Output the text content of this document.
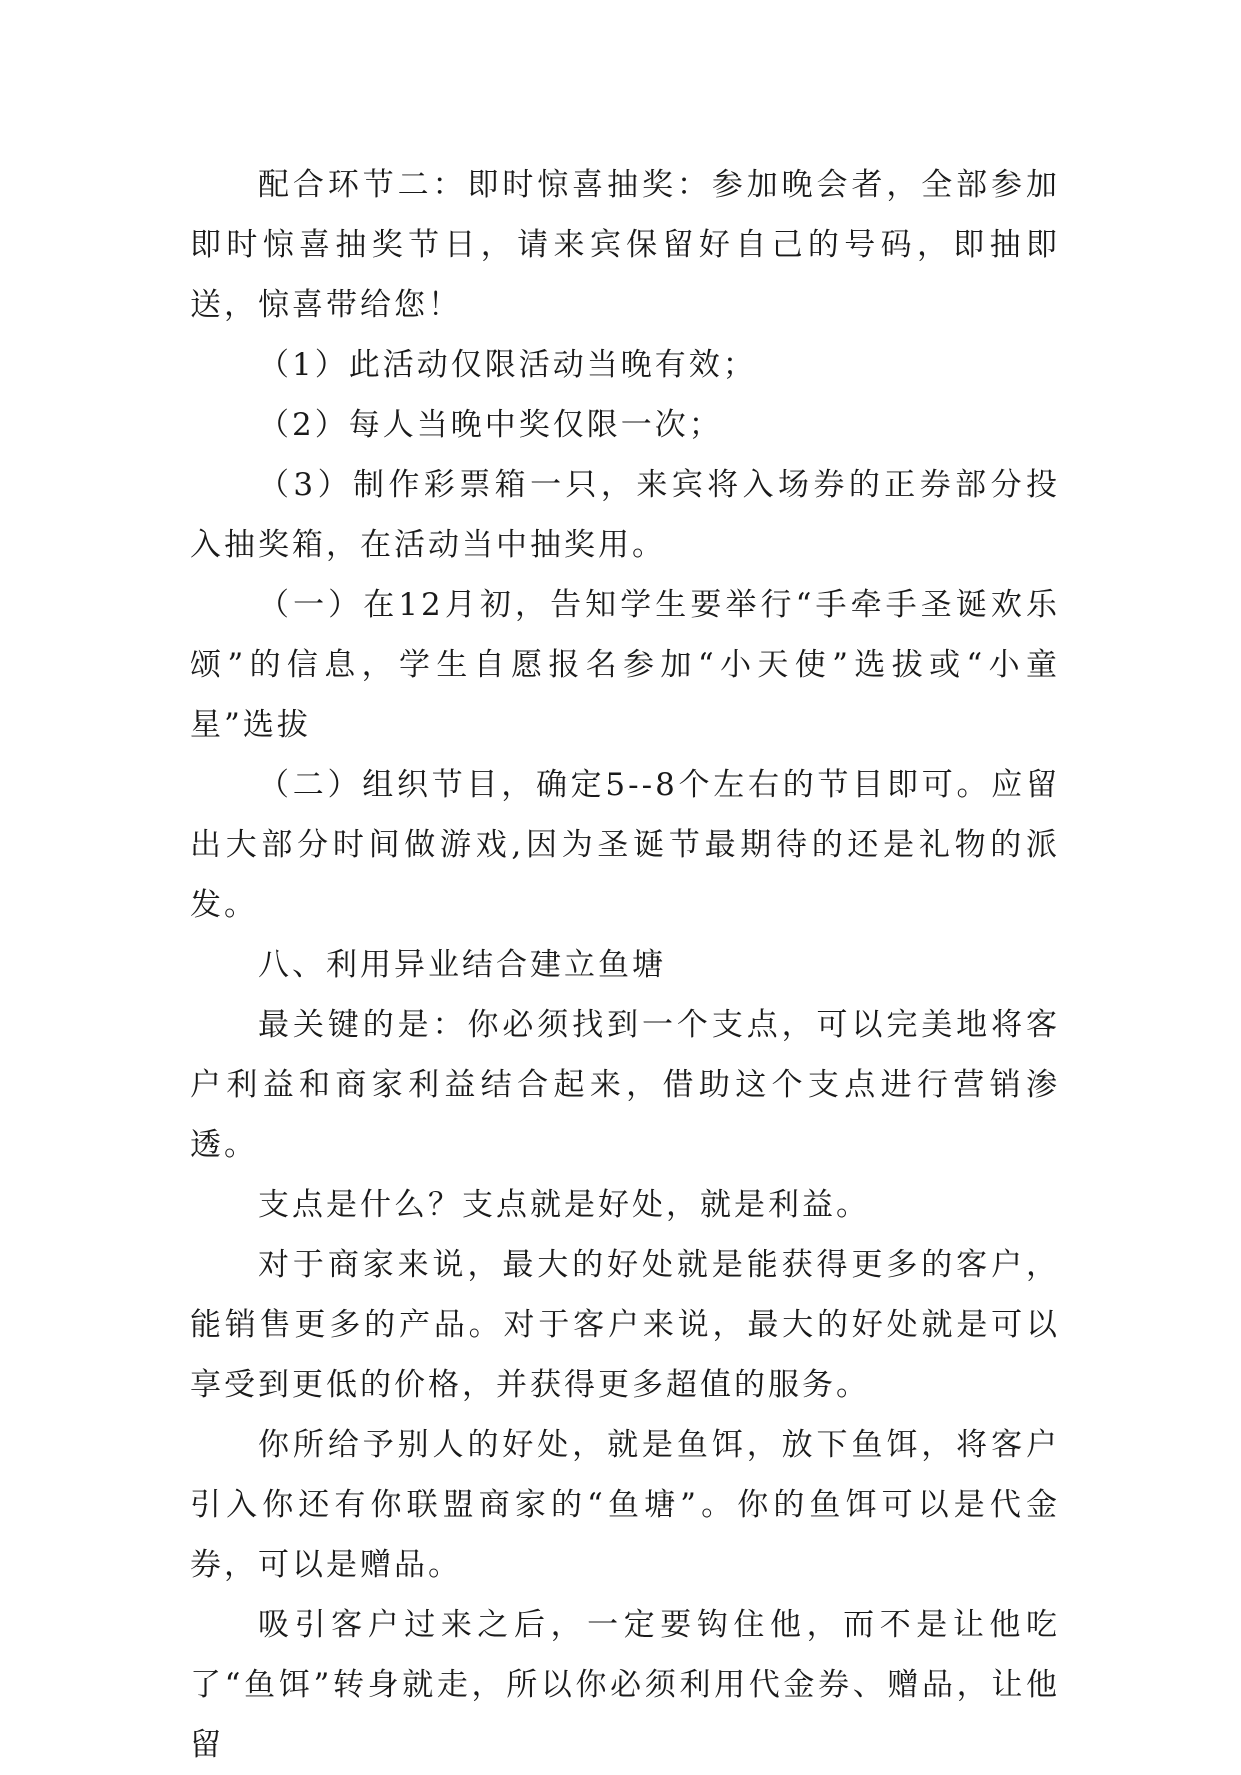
配合环节二：即时惊喜抽奖：参加晚会者，全部参加即时惊喜抽奖节日，请来宾保留好自己的号码，即抽即送，惊喜带给您！

（1）此活动仅限活动当晚有效；

（2）每人当晚中奖仅限一次；

（3）制作彩票箱一只，来宾将入场券的正券部分投入抽奖箱，在活动当中抽奖用。

（一）在12月初，告知学生要举行“手牵手圣诞欢乐颂”的信息，学生自愿报名参加“小天使”选拔或“小童星”选拔

（二）组织节目，确定5--8个左右的节目即可。应留出大部分时间做游戏,因为圣诞节最期待的还是礼物的派发。

八、利用异业结合建立鱼塘

最关键的是：你必须找到一个支点，可以完美地将客户利益和商家利益结合起来，借助这个支点进行营销渗透。

支点是什么？支点就是好处，就是利益。

对于商家来说，最大的好处就是能获得更多的客户，能销售更多的产品。对于客户来说，最大的好处就是可以享受到更低的价格，并获得更多超值的服务。

你所给予别人的好处，就是鱼饵，放下鱼饵，将客户引入你还有你联盟商家的“鱼塘”。你的鱼饵可以是代金券，可以是赠品。

吸引客户过来之后，一定要钩住他，而不是让他吃了“鱼饵”转身就走，所以你必须利用代金券、赠品，让他留
